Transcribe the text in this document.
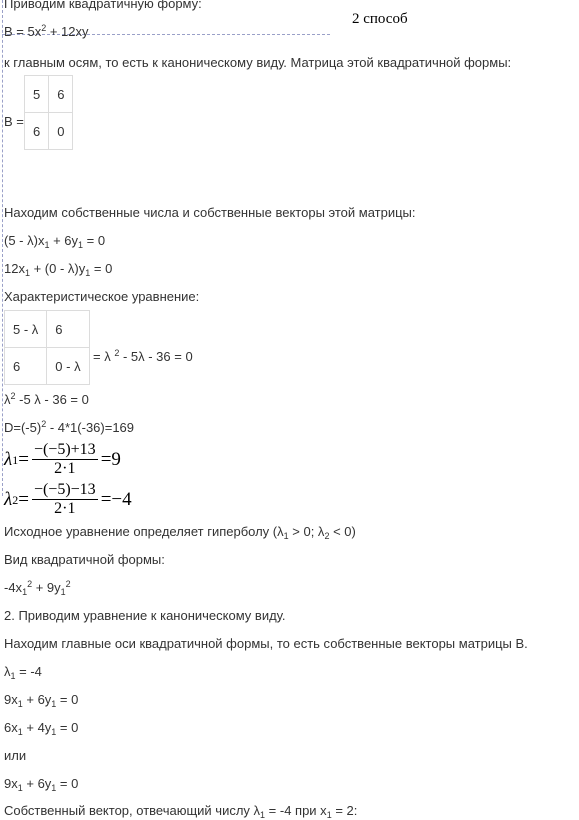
Приводим квадратичную форму:
2 способ
$B = 5x^2 + 12xy$
к главным осям, то есть к каноническому виду. Матрица этой квадратичной формы:
B =
5	6
6	0
Находим собственные числа и собственные векторы этой матрицы:
$(5 - \lambda)x_1 + 6y_1 = 0$
$12x_1 + (0 - \lambda)y_1 = 0$
Характеристическое уравнение:
5 - λ	6
6	0 - λ
= λ $^2$ - 5λ - 36 = 0
$\lambda^2$ -5 λ - 36 = 0
$D=(-5)^2 - 4*1(-36)=169$
λ $1 = \frac{-(-5)+13}{2\cdot 1} =9$
λ $2 = \frac{-(-5)-13}{2\cdot 1} =-4$
Исходное уравнение определяет гиперболу ($\lambda_1 > 0$; $\lambda_2 < 0$)
Вид квадратичной формы:
$-4x_1^2 + 9y_1^2$
2. Приводим уравнение к каноническому виду.
Находим главные оси квадратичной формы, то есть собственные векторы матрицы B.
$\lambda_1 = -4$
$9x_1 + 6y_1 = 0$
$6x_1 + 4y_1 = 0$
или
$9x_1 + 6y_1 = 0$
Собственный вектор, отвечающий числу $\lambda_1 = -4$ при $x_1 = 2$:
